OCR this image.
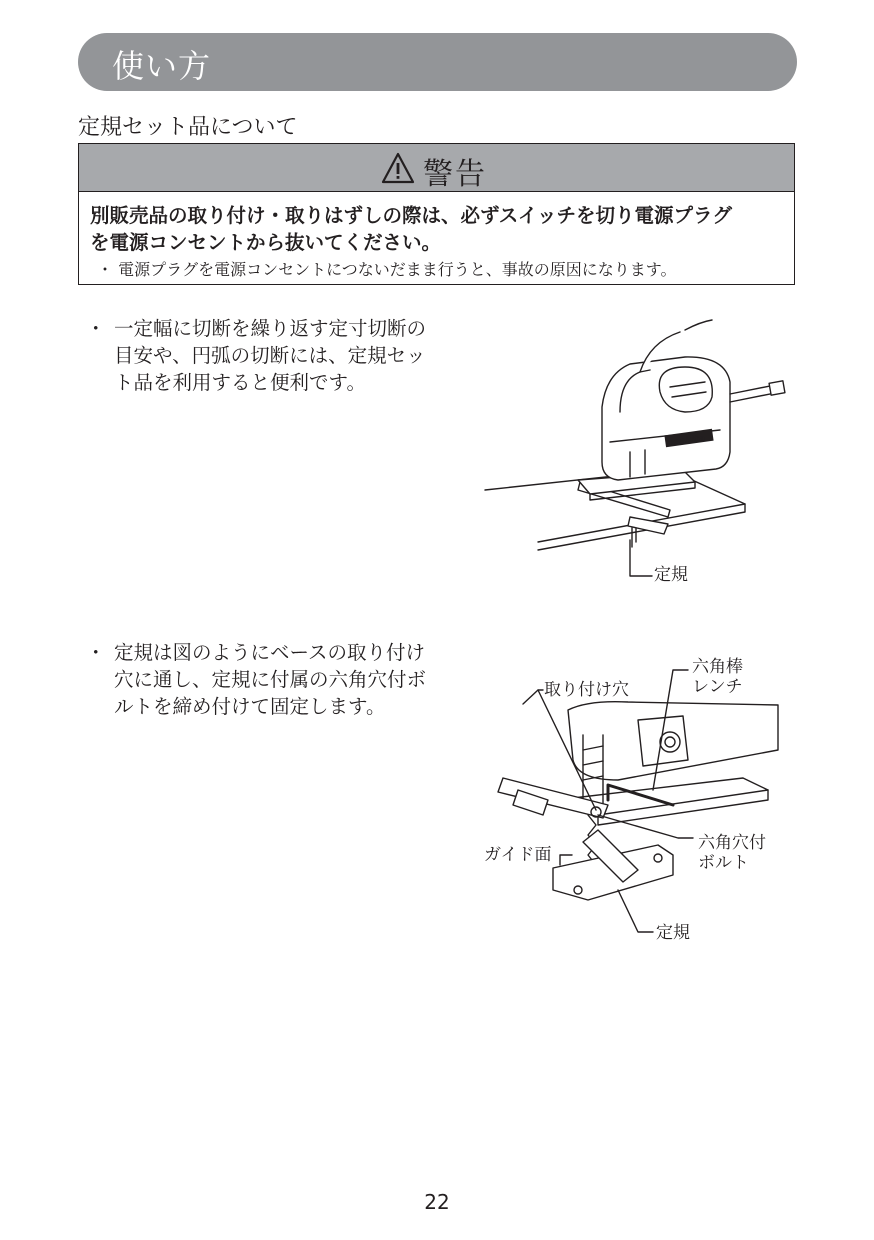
使い方
定規セット品について
警告
別販売品の取り付け・取りはずしの際は、必ずスイッチを切り電源プラグ
を電源コンセントから抜いてください。
・ 電源プラグを電源コンセントにつないだまま行うと、事故の原因になります。
・ 一定幅に切断を繰り返す定寸切断の
目安や、円弧の切断には、定規セッ
ト品を利用すると便利です。
makita
定規
・ 定規は図のようにベースの取り付け
穴に通し、定規に付属の六角穴付ボ
ルトを締め付けて固定します。
取り付け穴
六角棒
レンチ
六角穴付
ボルト
ガイド面
定規
22
